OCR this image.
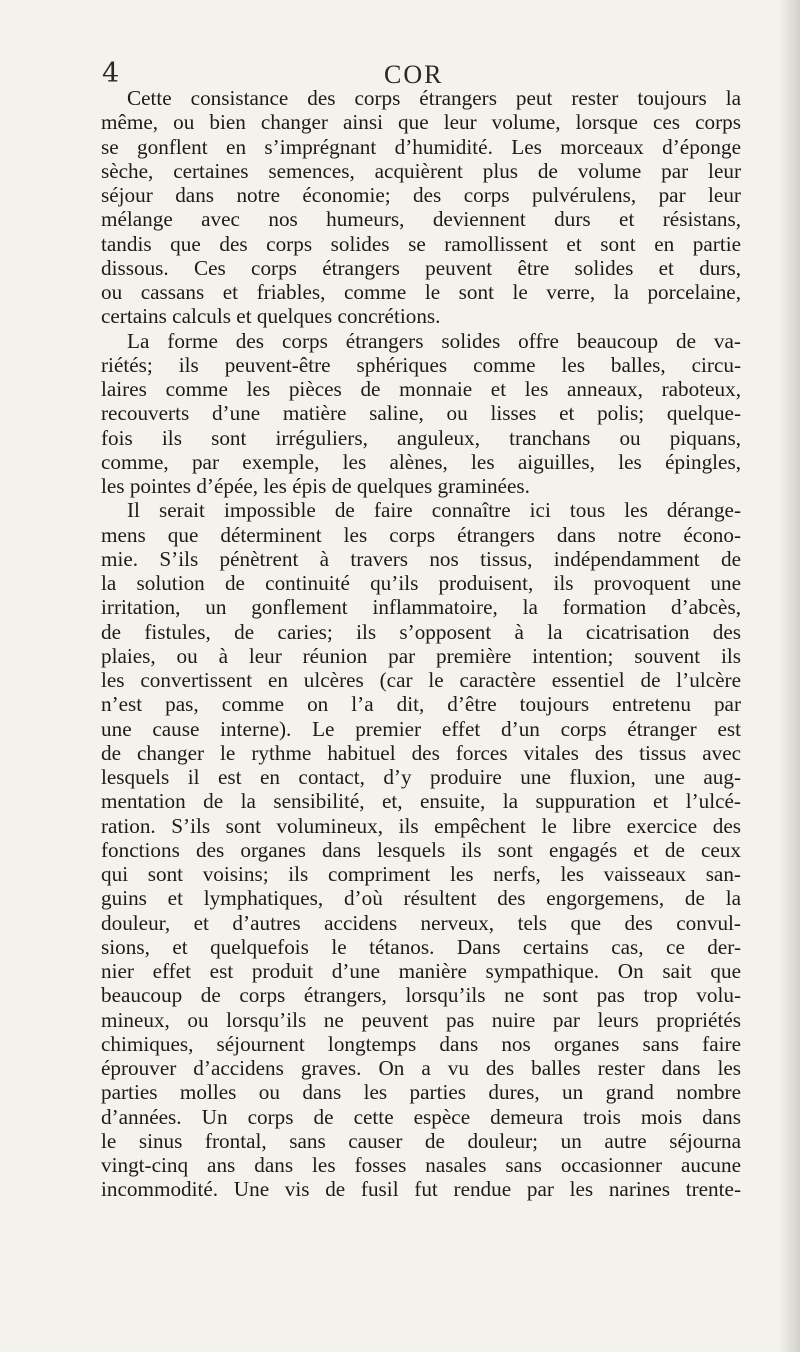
4	COR
Cette consistance des corps étrangers peut rester toujours la
même, ou bien changer ainsi que leur volume, lorsque ces corps
se gonflent en s’imprégnant d’humidité. Les morceaux d’éponge
sèche, certaines semences, acquièrent plus de volume par leur
séjour dans notre économie; des corps pulvérulens, par leur
mélange avec nos humeurs, deviennent durs et résistans,
tandis que des corps solides se ramollissent et sont en partie
dissous. Ces corps étrangers peuvent être solides et durs,
ou cassans et friables, comme le sont le verre, la porcelaine,
certains calculs et quelques concrétions.
La forme des corps étrangers solides offre beaucoup de va-
riétés; ils peuvent-être sphériques comme les balles, circu-
laires comme les pièces de monnaie et les anneaux, raboteux,
recouverts d’une matière saline, ou lisses et polis; quelque-
fois ils sont irréguliers, anguleux, tranchans ou piquans,
comme, par exemple, les alènes, les aiguilles, les épingles,
les pointes d’épée, les épis de quelques graminées.
Il serait impossible de faire connaître ici tous les dérange-
mens que déterminent les corps étrangers dans notre écono-
mie. S’ils pénètrent à travers nos tissus, indépendamment de
la solution de continuité qu’ils produisent, ils provoquent une
irritation, un gonflement inflammatoire, la formation d’abcès,
de fistules, de caries; ils s’opposent à la cicatrisation des
plaies, ou à leur réunion par première intention; souvent ils
les convertissent en ulcères (car le caractère essentiel de l’ulcère
n’est pas, comme on l’a dit, d’être toujours entretenu par
une cause interne). Le premier effet d’un corps étranger est
de changer le rythme habituel des forces vitales des tissus avec
lesquels il est en contact, d’y produire une fluxion, une aug-
mentation de la sensibilité, et, ensuite, la suppuration et l’ulcé-
ration. S’ils sont volumineux, ils empêchent le libre exercice des
fonctions des organes dans lesquels ils sont engagés et de ceux
qui sont voisins; ils compriment les nerfs, les vaisseaux san-
guins et lymphatiques, d’où résultent des engorgemens, de la
douleur, et d’autres accidens nerveux, tels que des convul-
sions, et quelquefois le tétanos. Dans certains cas, ce der-
nier effet est produit d’une manière sympathique. On sait que
beaucoup de corps étrangers, lorsqu’ils ne sont pas trop volu-
mineux, ou lorsqu’ils ne peuvent pas nuire par leurs propriétés
chimiques, séjournent longtemps dans nos organes sans faire
éprouver d’accidens graves. On a vu des balles rester dans les
parties molles ou dans les parties dures, un grand nombre
d’années. Un corps de cette espèce demeura trois mois dans
le sinus frontal, sans causer de douleur; un autre séjourna
vingt-cinq ans dans les fosses nasales sans occasionner aucune
incommodité. Une vis de fusil fut rendue par les narines trente-
